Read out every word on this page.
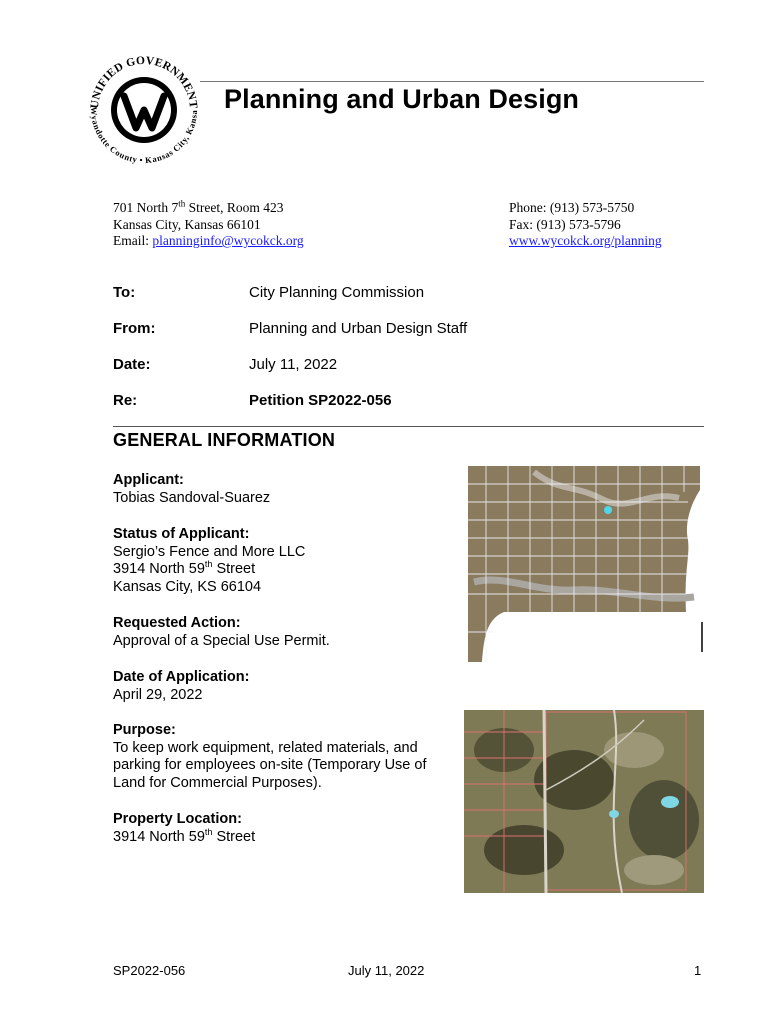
UNIFIED GOVERNMENT
Wyandotte County • Kansas City, Kansa Planning and Urban Design
701 North 7th Street, Room 423
Kansas City, Kansas 66101
Email: planninginfo@wycokck.org
Phone: (913) 573-5750
Fax: (913) 573-5796
www.wycokck.org/planning
To:	City Planning Commission
From:	Planning and Urban Design Staff
Date:	July 11, 2022
Re:	Petition SP2022-056
GENERAL INFORMATION
Applicant:
Tobias Sandoval-Suarez
Status of Applicant:
Sergio’s Fence and More LLC
3914 North 59th Street
Kansas City, KS 66104
Requested Action:
Approval of a Special Use Permit.
Date of Application:
April 29, 2022
Purpose:
To keep work equipment, related materials, and
parking for employees on-site (Temporary Use of
Land for Commercial Purposes).
Property Location:
3914 North 59th Street
SP2022-056	July 11, 2022	1
